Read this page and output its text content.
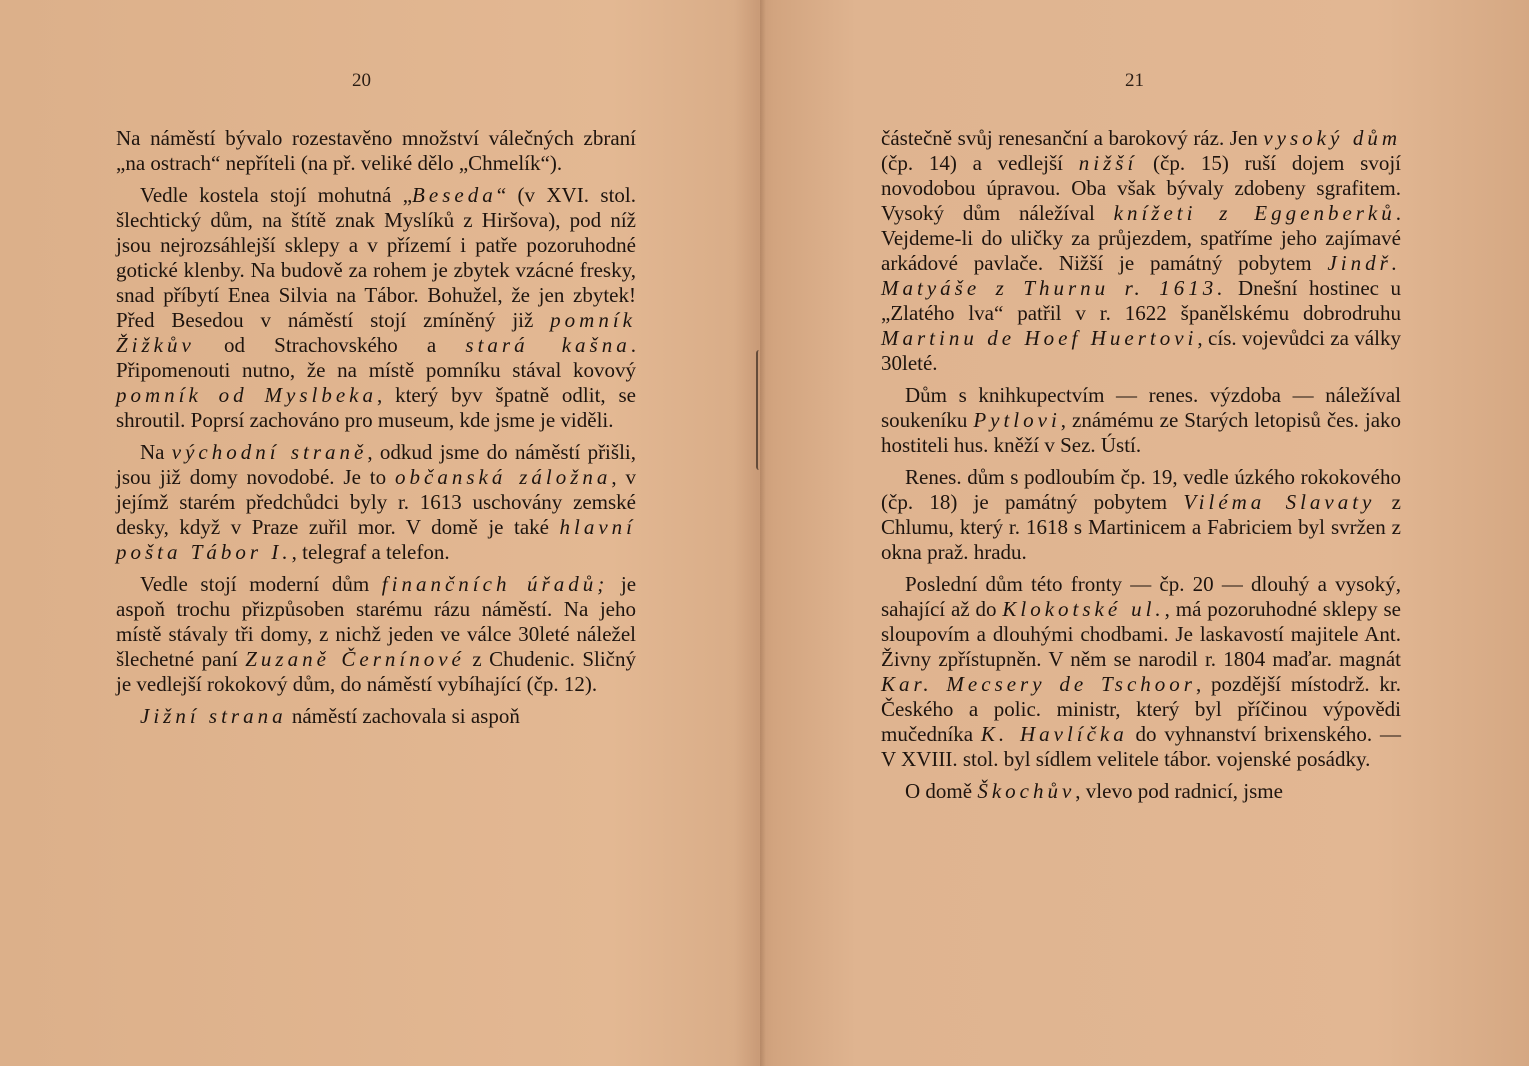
20

Na náměstí bývalo rozestavěno množství válečných zbraní „na ostrach“ nepříteli (na př. veliké dělo „Chmelík“).

Vedle kostela stojí mohutná „Beseda“ (v XVI. stol. šlechtický dům, na štítě znak Myslíků z Hiršova), pod níž jsou nejrozsáhlejší sklepy a v přízemí i patře pozoruhodné gotické klenby. Na budově za rohem je zbytek vzácné fresky, snad příbytí Enea Silvia na Tábor. Bohužel, že jen zbytek! Před Besedou v náměstí stojí zmíněný již pomník Žižkův od Strachovského a stará kašna. Připomenouti nutno, že na místě pomníku stával kovový pomník od Myslbeka, který byv špatně odlit, se shroutil. Poprsí zachováno pro museum, kde jsme je viděli.

Na východní straně, odkud jsme do náměstí přišli, jsou již domy novodobé. Je to občanská záložna, v jejímž starém předchůdci byly r. 1613 uschovány zemské desky, když v Praze zuřil mor. V domě je také hlavní pošta Tábor I., telegraf a telefon.

Vedle stojí moderní dům finančních úřadů; je aspoň trochu přizpůsoben starému rázu náměstí. Na jeho místě stávaly tři domy, z nichž jeden ve válce 30leté náležel šlechetné paní Zuzaně Černínové z Chudenic. Sličný je vedlejší rokokový dům, do náměstí vybíhající (čp. 12).

Jižní strana náměstí zachovala si aspoň

21

částečně svůj renesanční a barokový ráz. Jen vysoký dům (čp. 14) a vedlejší nižší (čp. 15) ruší dojem svojí novodobou úpravou. Oba však bývaly zdobeny sgrafitem. Vysoký dům náležíval knížeti z Eggenberků. Vejdeme-li do uličky za průjezdem, spatříme jeho zajímavé arkádové pavlače. Nižší je památný pobytem Jindř. Matyáše z Thurnu r. 1613. Dnešní hostinec u „Zlatého lva“ patřil v r. 1622 španělskému dobrodruhu Martinu de Hoef Huertovi, cís. vojevůdci za války 30leté.

Dům s knihkupectvím — renes. výzdoba — náležíval soukeníku Pytlovi, známému ze Starých letopisů čes. jako hostiteli hus. kněží v Sez. Ústí.

Renes. dům s podloubím čp. 19, vedle úzkého rokokového (čp. 18) je památný pobytem Viléma Slavaty z Chlumu, který r. 1618 s Martinicem a Fabriciem byl svržen z okna praž. hradu.

Poslední dům této fronty — čp. 20 — dlouhý a vysoký, sahající až do Klokotské ul., má pozoruhodné sklepy se sloupovím a dlouhými chodbami. Je laskavostí majitele Ant. Živny zpřístupněn. V něm se narodil r. 1804 maďar. magnát Kar. Mecsery de Tschoor, pozdější místodrž. kr. Českého a polic. ministr, který byl příčinou výpovědi mučedníka K. Havlíčka do vyhnanství brixenského. — V XVIII. stol. byl sídlem velitele tábor. vojenské posádky.

O domě Škochův, vlevo pod radnicí, jsme
